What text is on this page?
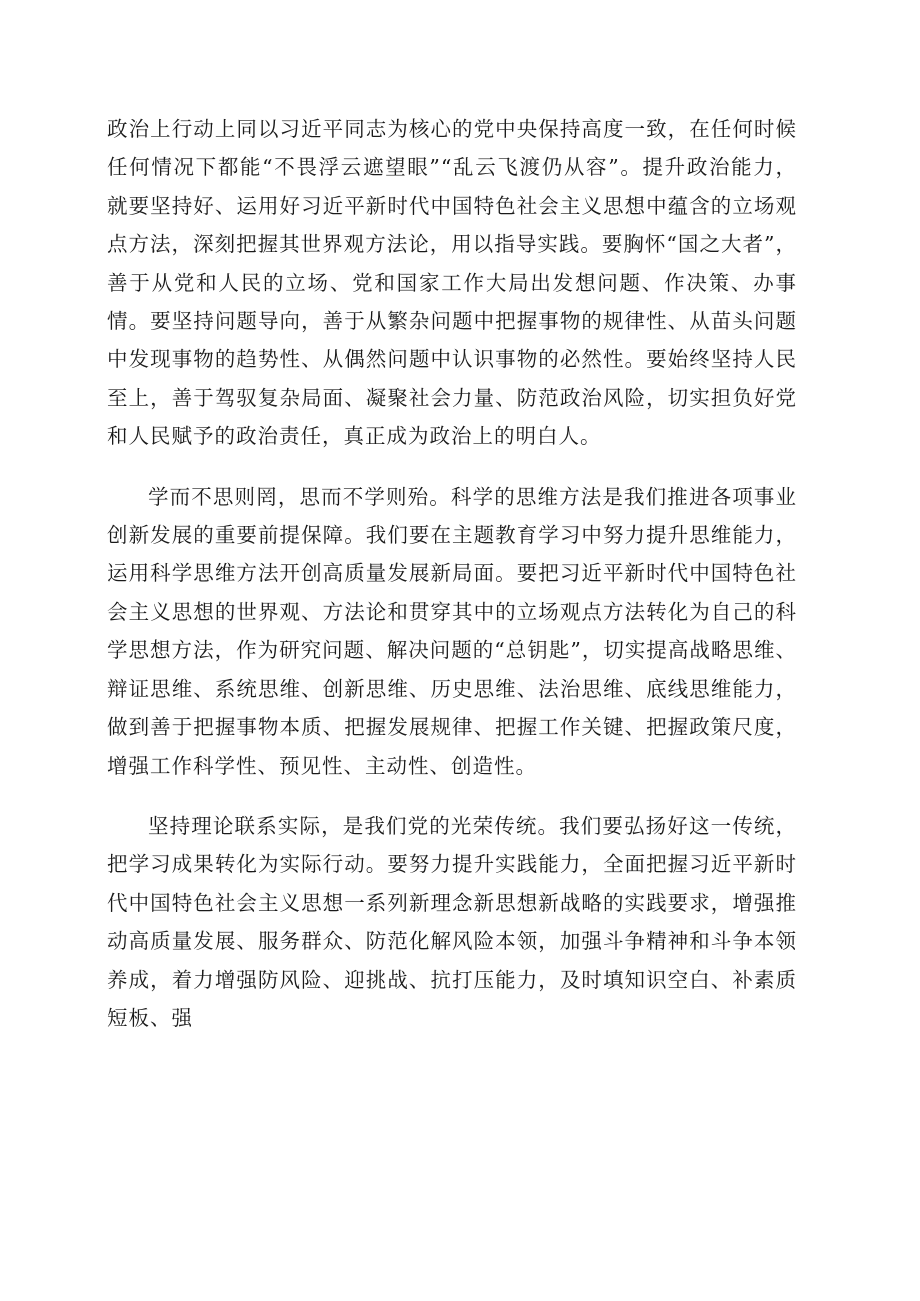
政治上行动上同以习近平同志为核心的党中央保持高度一致，在任何时候任何情况下都能“不畏浮云遮望眼”“乱云飞渡仍从容”。提升政治能力，就要坚持好、运用好习近平新时代中国特色社会主义思想中蕴含的立场观点方法，深刻把握其世界观方法论，用以指导实践。要胸怀“国之大者”，善于从党和人民的立场、党和国家工作大局出发想问题、作决策、办事情。要坚持问题导向，善于从繁杂问题中把握事物的规律性、从苗头问题中发现事物的趋势性、从偶然问题中认识事物的必然性。要始终坚持人民至上，善于驾驭复杂局面、凝聚社会力量、防范政治风险，切实担负好党和人民赋予的政治责任，真正成为政治上的明白人。

学而不思则罔，思而不学则殆。科学的思维方法是我们推进各项事业创新发展的重要前提保障。我们要在主题教育学习中努力提升思维能力，运用科学思维方法开创高质量发展新局面。要把习近平新时代中国特色社会主义思想的世界观、方法论和贯穿其中的立场观点方法转化为自己的科学思想方法，作为研究问题、解决问题的“总钥匙”，切实提高战略思维、辩证思维、系统思维、创新思维、历史思维、法治思维、底线思维能力，做到善于把握事物本质、把握发展规律、把握工作关键、把握政策尺度，增强工作科学性、预见性、主动性、创造性。

坚持理论联系实际，是我们党的光荣传统。我们要弘扬好这一传统，把学习成果转化为实际行动。要努力提升实践能力，全面把握习近平新时代中国特色社会主义思想一系列新理念新思想新战略的实践要求，增强推动高质量发展、服务群众、防范化解风险本领，加强斗争精神和斗争本领养成，着力增强防风险、迎挑战、抗打压能力，及时填知识空白、补素质短板、强
